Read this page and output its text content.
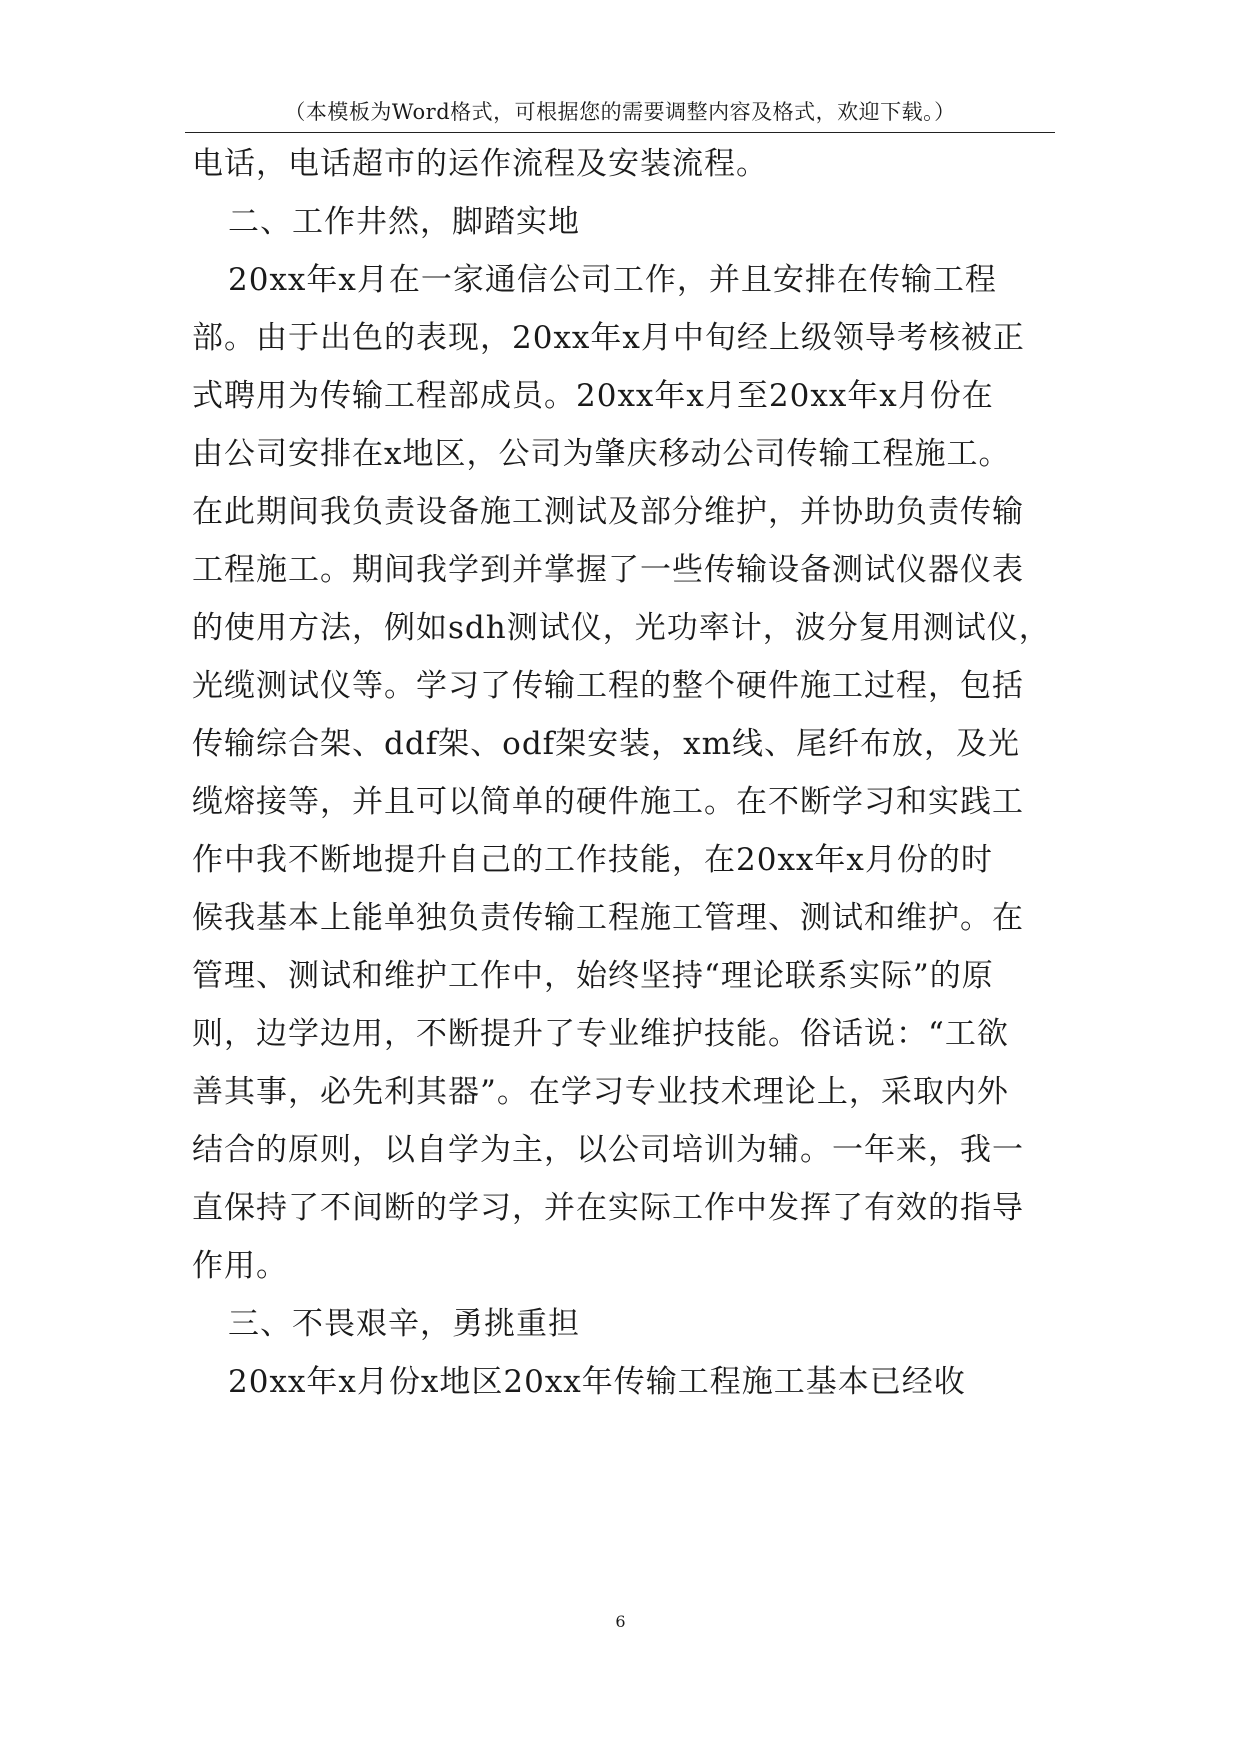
（本模板为Word格式，可根据您的需要调整内容及格式，欢迎下载。）
电话，电话超市的运作流程及安装流程。
二、工作井然，脚踏实地
20xx年x月在一家通信公司工作，并且安排在传输工程
部。由于出色的表现，20xx年x月中旬经上级领导考核被正
式聘用为传输工程部成员。20xx年x月至20xx年x月份在
由公司安排在x地区，公司为肇庆移动公司传输工程施工。
在此期间我负责设备施工测试及部分维护，并协助负责传输
工程施工。期间我学到并掌握了一些传输设备测试仪器仪表
的使用方法，例如sdh测试仪，光功率计，波分复用测试仪，
光缆测试仪等。学习了传输工程的整个硬件施工过程，包括
传输综合架、ddf架、odf架安装，xm线、尾纤布放，及光
缆熔接等，并且可以简单的硬件施工。在不断学习和实践工
作中我不断地提升自己的工作技能，在20xx年x月份的时
候我基本上能单独负责传输工程施工管理、测试和维护。在
管理、测试和维护工作中，始终坚持“理论联系实际”的原
则，边学边用，不断提升了专业维护技能。俗话说：“工欲
善其事，必先利其器”。在学习专业技术理论上，采取内外
结合的原则，以自学为主，以公司培训为辅。一年来，我一
直保持了不间断的学习，并在实际工作中发挥了有效的指导
作用。
三、不畏艰辛，勇挑重担
20xx年x月份x地区20xx年传输工程施工基本已经收
6
